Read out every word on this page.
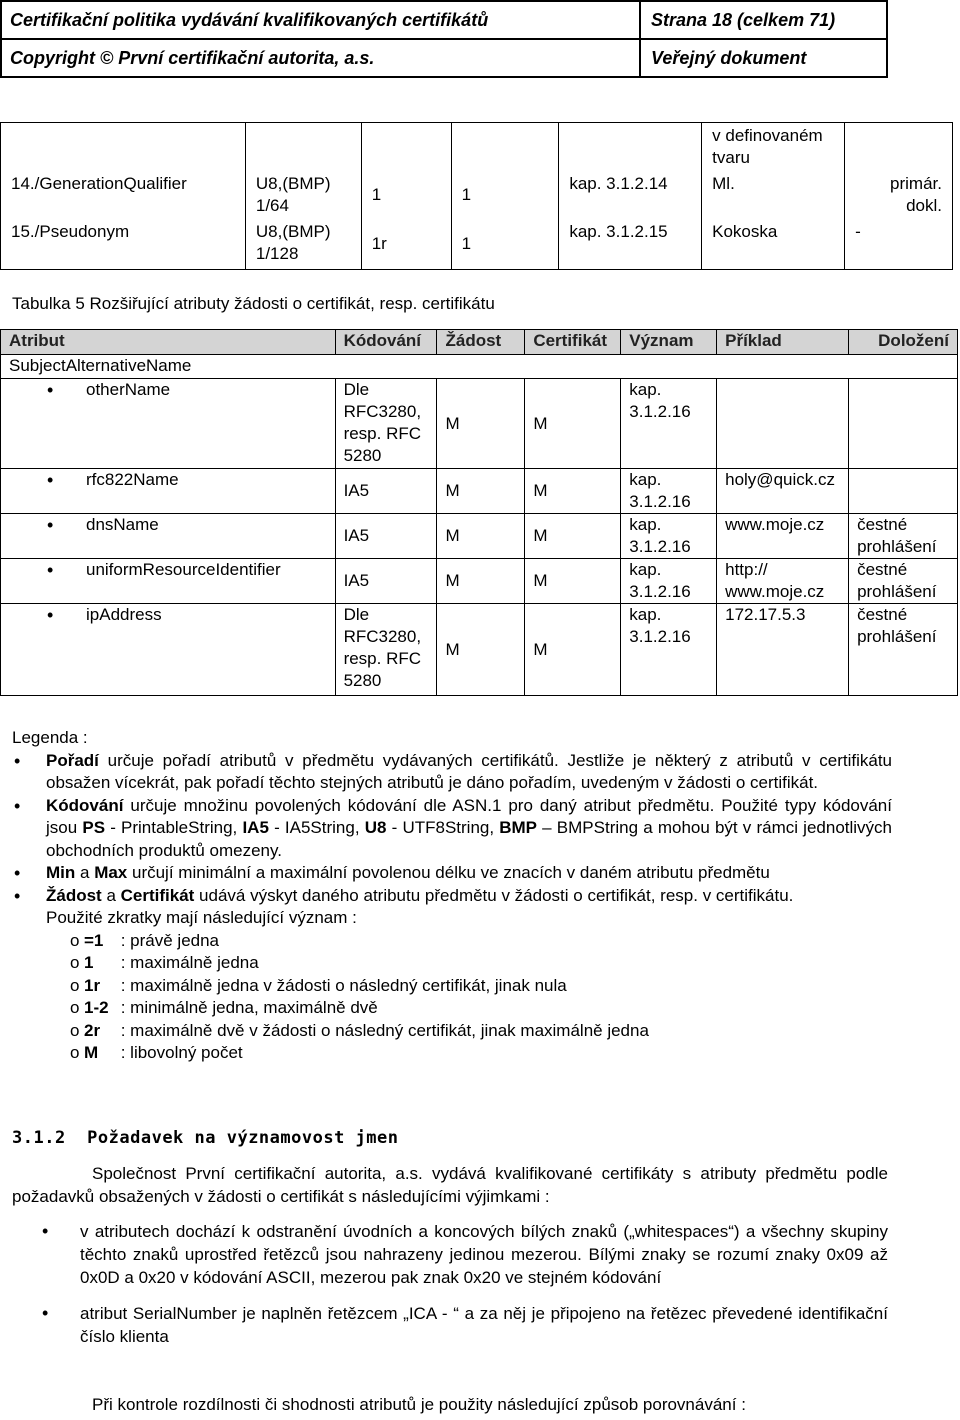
Certifikační politika vydávání kvalifikovaných certifikátů	Strana 18 (celkem 71)
Copyright © První certifikační autorita, a.s.	Veřejný dokument
					v definovaném tvaru	
14./GenerationQualifier	U8,(BMP) 1/64	1	1	kap. 3.1.2.14	Ml.	primár. dokl.
15./Pseudonym	U8,(BMP) 1/128	1r	1	kap. 3.1.2.15	Kokoska	-
Tabulka 5 Rozšiřující atributy žádosti o certifikát, resp. certifikátu
Atribut	Kódování	Žádost	Certifikát	Význam	Příklad	Doložení
SubjectAlternativeName						

• otherName	Dle RFC3280, resp. RFC 5280	M	M	kap. 3.1.2.16		

• rfc822Name	IA5	M	M	kap. 3.1.2.16	holy@quick.cz	

• dnsName	IA5	M	M	kap. 3.1.2.16	www.moje.cz	čestné prohlášení

• uniformResourceIdentifier	IA5	M	M	kap. 3.1.2.16	http:// www.moje.cz	čestné prohlášení

• ipAddress	Dle RFC3280, resp. RFC 5280	M	M	kap. 3.1.2.16	172.17.5.3	čestné prohlášení
Legenda :
• Pořadí určuje pořadí atributů v předmětu vydávaných certifikátů. Jestliže je některý z atributů v certifikátu obsažen vícekrát, pak pořadí těchto stejných atributů je dáno pořadím, uvedeným v žádosti o certifikát.
• Kódování určuje množinu povolených kódování dle ASN.1 pro daný atribut předmětu. Použité typy kódování jsou PS - PrintableString, IA5 - IA5String, U8 - UTF8String, BMP – BMPString a mohou být v rámci jednotlivých obchodních produktů omezeny.
• Min a Max určují minimální a maximální povolenou délku ve znacích v daném atributu předmětu
• Žádost a Certifikát udává výskyt daného atributu předmětu v žádosti o certifikát, resp. v certifikátu.
Použité zkratky mají následující význam :
o =1 : právě jedna
o 1 : maximálně jedna
o 1r : maximálně jedna v žádosti o následný certifikát, jinak nula
o 1-2 : minimálně jedna, maximálně dvě
o 2r : maximálně dvě v žádosti o následný certifikát, jinak maximálně jedna
o M : libovolný počet
3.1.2 Požadavek na významovost jmen
Společnost První certifikační autorita, a.s. vydává kvalifikované certifikáty s atributy předmětu podle požadavků obsažených v žádosti o certifikát s následujícími výjimkami :
• v atributech dochází k odstranění úvodních a koncových bílých znaků („whitespaces“) a všechny skupiny těchto znaků uprostřed řetězců jsou nahrazeny jedinou mezerou. Bílými znaky se rozumí znaky 0x09 až 0x0D a 0x20 v kódování ASCII, mezerou pak znak 0x20 ve stejném kódování
• atribut SerialNumber je naplněn řetězcem „ICA - “ a za něj je připojeno na řetězec převedené identifikační číslo klienta
Při kontrole rozdílnosti či shodnosti atributů je použity následující způsob porovnávání :
